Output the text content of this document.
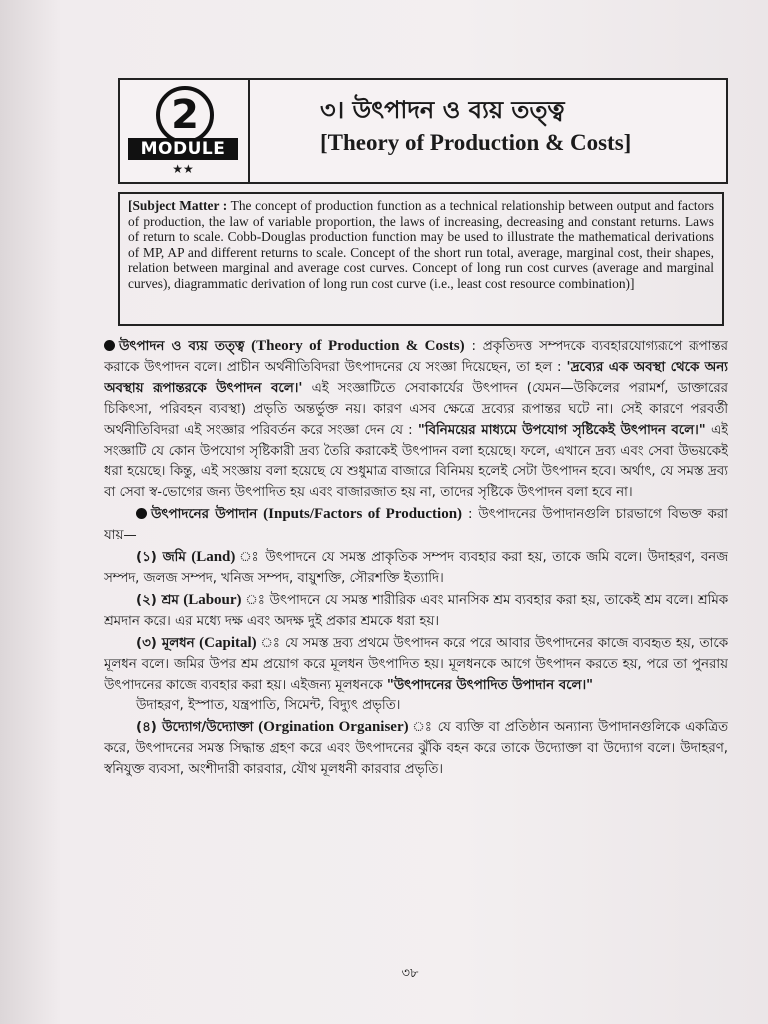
2
MODULE
★★
৩। উৎপাদন ও ব্যয় তত্ত্ব
[Theory of Production & Costs]
[Subject Matter : The concept of production function as a technical relationship between output and factors of production, the law of variable proportion, the laws of increasing, decreasing and constant returns. Laws of return to scale. Cobb-Douglas production function may be used to illustrate the mathematical derivations of MP, AP and different returns to scale. Concept of the short run total, average, marginal cost, their shapes, relation between marginal and average cost curves. Concept of long run cost curves (average and marginal curves), diagrammatic derivation of long run cost curve (i.e., least cost resource combination)]

উৎপাদন ও ব্যয় তত্ত্ব (Theory of Production & Costs) : প্রকৃতিদত্ত সম্পদকে ব্যবহারযোগ্যরূপে রূপান্তর করাকে উৎপাদন বলে। প্রাচীন অর্থনীতিবিদরা উৎপাদনের যে সংজ্ঞা দিয়েছেন, তা হল : 'দ্রব্যের এক অবস্থা থেকে অন্য অবস্থায় রূপান্তরকে উৎপাদন বলে।' এই সংজ্ঞাটিতে সেবাকার্যের উৎপাদন (যেমন—উকিলের পরামর্শ, ডাক্তারের চিকিৎসা, পরিবহন ব্যবস্থা) প্রভৃতি অন্তর্ভুক্ত নয়। কারণ এসব ক্ষেত্রে দ্রব্যের রূপান্তর ঘটে না। সেই কারণে পরবর্তী অর্থনীতিবিদরা এই সংজ্ঞার পরিবর্তন করে সংজ্ঞা দেন যে : "বিনিময়ের মাধ্যমে উপযোগ সৃষ্টিকেই উৎপাদন বলে।" এই সংজ্ঞাটি যে কোন উপযোগ সৃষ্টিকারী দ্রব্য তৈরি করাকেই উৎপাদন বলা হয়েছে। ফলে, এখানে দ্রব্য এবং সেবা উভয়কেই ধরা হয়েছে। কিন্তু, এই সংজ্ঞায় বলা হয়েছে যে শুধুমাত্র বাজারে বিনিময় হলেই সেটা উৎপাদন হবে। অর্থাৎ, যে সমস্ত দ্রব্য বা সেবা স্ব-ভোগের জন্য উৎপাদিত হয় এবং বাজারজাত হয় না, তাদের সৃষ্টিকে উৎপাদন বলা হবে না।

উৎপাদনের উপাদান (Inputs/Factors of Production) : উৎপাদনের উপাদানগুলি চারভাগে বিভক্ত করা যায়—

(১) জমি (Land) ঃ উৎপাদনে যে সমস্ত প্রাকৃতিক সম্পদ ব্যবহার করা হয়, তাকে জমি বলে। উদাহরণ, বনজ সম্পদ, জলজ সম্পদ, খনিজ সম্পদ, বায়ুশক্তি, সৌরশক্তি ইত্যাদি।

(২) শ্রম (Labour) ঃ উৎপাদনে যে সমস্ত শারীরিক এবং মানসিক শ্রম ব্যবহার করা হয়, তাকেই শ্রম বলে। শ্রমিক শ্রমদান করে। এর মধ্যে দক্ষ এবং অদক্ষ দুই প্রকার শ্রমকে ধরা হয়।

(৩) মূলধন (Capital) ঃ যে সমস্ত দ্রব্য প্রথমে উৎপাদন করে পরে আবার উৎপাদনের কাজে ব্যবহৃত হয়, তাকে মূলধন বলে। জমির উপর শ্রম প্রয়োগ করে মূলধন উৎপাদিত হয়। মূলধনকে আগে উৎপাদন করতে হয়, পরে তা পুনরায় উৎপাদনের কাজে ব্যবহার করা হয়। এইজন্য মূলধনকে "উৎপাদনের উৎপাদিত উপাদান বলে।"

উদাহরণ, ইস্পাত, যন্ত্রপাতি, সিমেন্ট, বিদ্যুৎ প্রভৃতি।

(৪) উদ্যোগ/উদ্যোক্তা (Orgination Organiser) ঃ যে ব্যক্তি বা প্রতিষ্ঠান অন্যান্য উপাদানগুলিকে একত্রিত করে, উৎপাদনের সমস্ত সিদ্ধান্ত গ্রহণ করে এবং উৎপাদনের ঝুঁকি বহন করে তাকে উদ্যোক্তা বা উদ্যোগ বলে। উদাহরণ, স্বনিযুক্ত ব্যবসা, অংশীদারী কারবার, যৌথ মূলধনী কারবার প্রভৃতি।

৩৮
